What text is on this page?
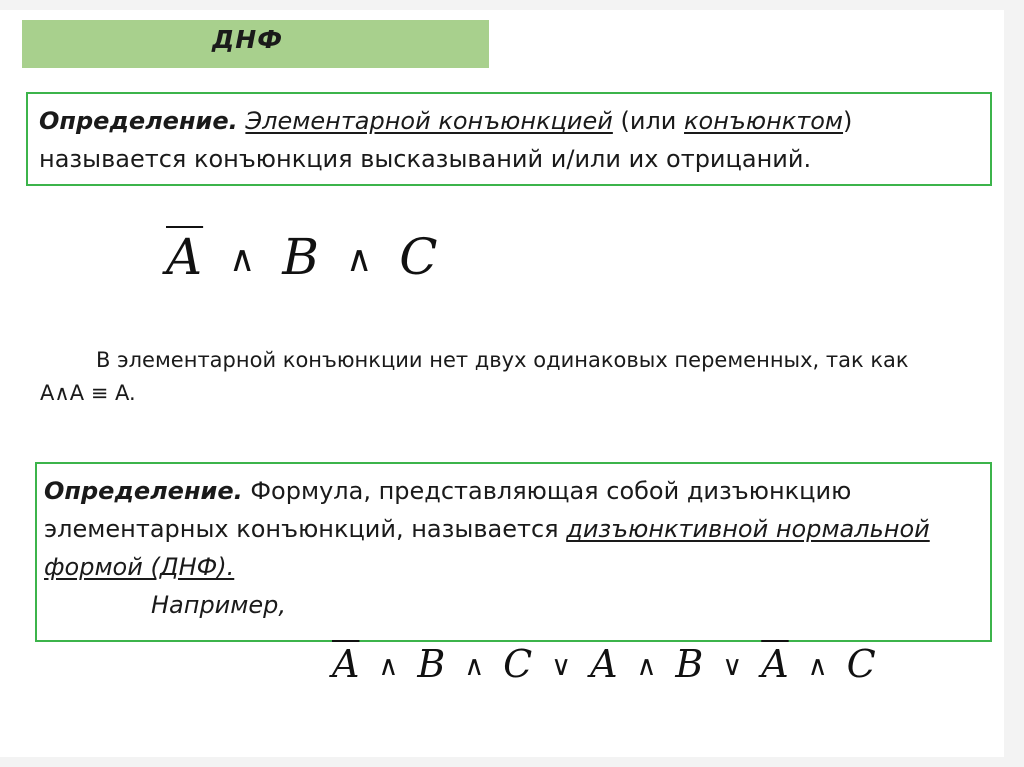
ДНФ
Определение. Элементарной конъюнкцией (или конъюнктом)
называется конъюнкция высказываний и/или их отрицаний.
$\overline{A}$ ∧ B ∧ C
В элементарной конъюнкции нет двух одинаковых переменных, так как
A∧A ≡ A.
Определение. Формула, представляющая собой дизъюнкцию элементарных конъюнкций, называется дизъюнктивной нормальной формой (ДНФ).
Например,
$\overline{A}$ ∧ B ∧ C ∨ A ∧ B ∨ $\overline{A}$ ∧ C
